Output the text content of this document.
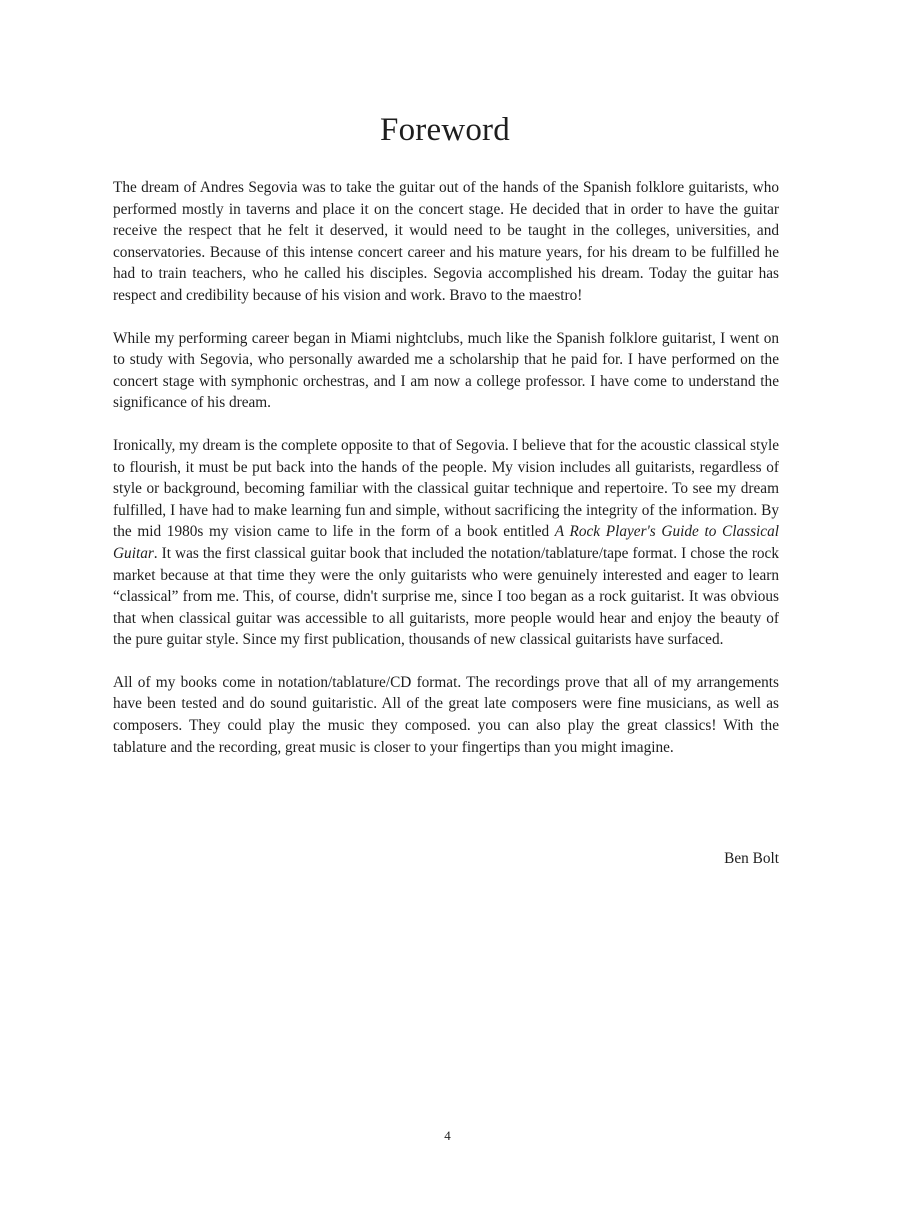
Foreword

The dream of Andres Segovia was to take the guitar out of the hands of the Spanish folklore guitarists, who performed mostly in taverns and place it on the concert stage. He decided that in order to have the guitar receive the respect that he felt it deserved, it would need to be taught in the colleges, universities, and conservatories. Because of this intense concert career and his mature years, for his dream to be fulfilled he had to train teachers, who he called his disciples. Segovia accomplished his dream. Today the guitar has respect and credibility because of his vision and work. Bravo to the maestro!

While my performing career began in Miami nightclubs, much like the Spanish folklore guitarist, I went on to study with Segovia, who personally awarded me a scholarship that he paid for. I have performed on the concert stage with symphonic orchestras, and I am now a college professor. I have come to understand the significance of his dream.

Ironically, my dream is the complete opposite to that of Segovia. I believe that for the acoustic classical style to flourish, it must be put back into the hands of the people. My vision includes all guitarists, regardless of style or background, becoming familiar with the classical guitar technique and repertoire. To see my dream fulfilled, I have had to make learning fun and simple, without sacrificing the integrity of the information. By the mid 1980s my vision came to life in the form of a book entitled A Rock Player's Guide to Classical Guitar. It was the first classical guitar book that included the notation/tablature/tape format. I chose the rock market because at that time they were the only guitarists who were genuinely interested and eager to learn “classical” from me. This, of course, didn't surprise me, since I too began as a rock guitarist. It was obvious that when classical guitar was accessible to all guitarists, more people would hear and enjoy the beauty of the pure guitar style. Since my first publication, thousands of new classical guitarists have surfaced.

All of my books come in notation/tablature/CD format. The recordings prove that all of my arrangements have been tested and do sound guitaristic. All of the great late composers were fine musicians, as well as composers. They could play the music they composed. you can also play the great classics! With the tablature and the recording, great music is closer to your fingertips than you might imagine.

Ben Bolt

4
